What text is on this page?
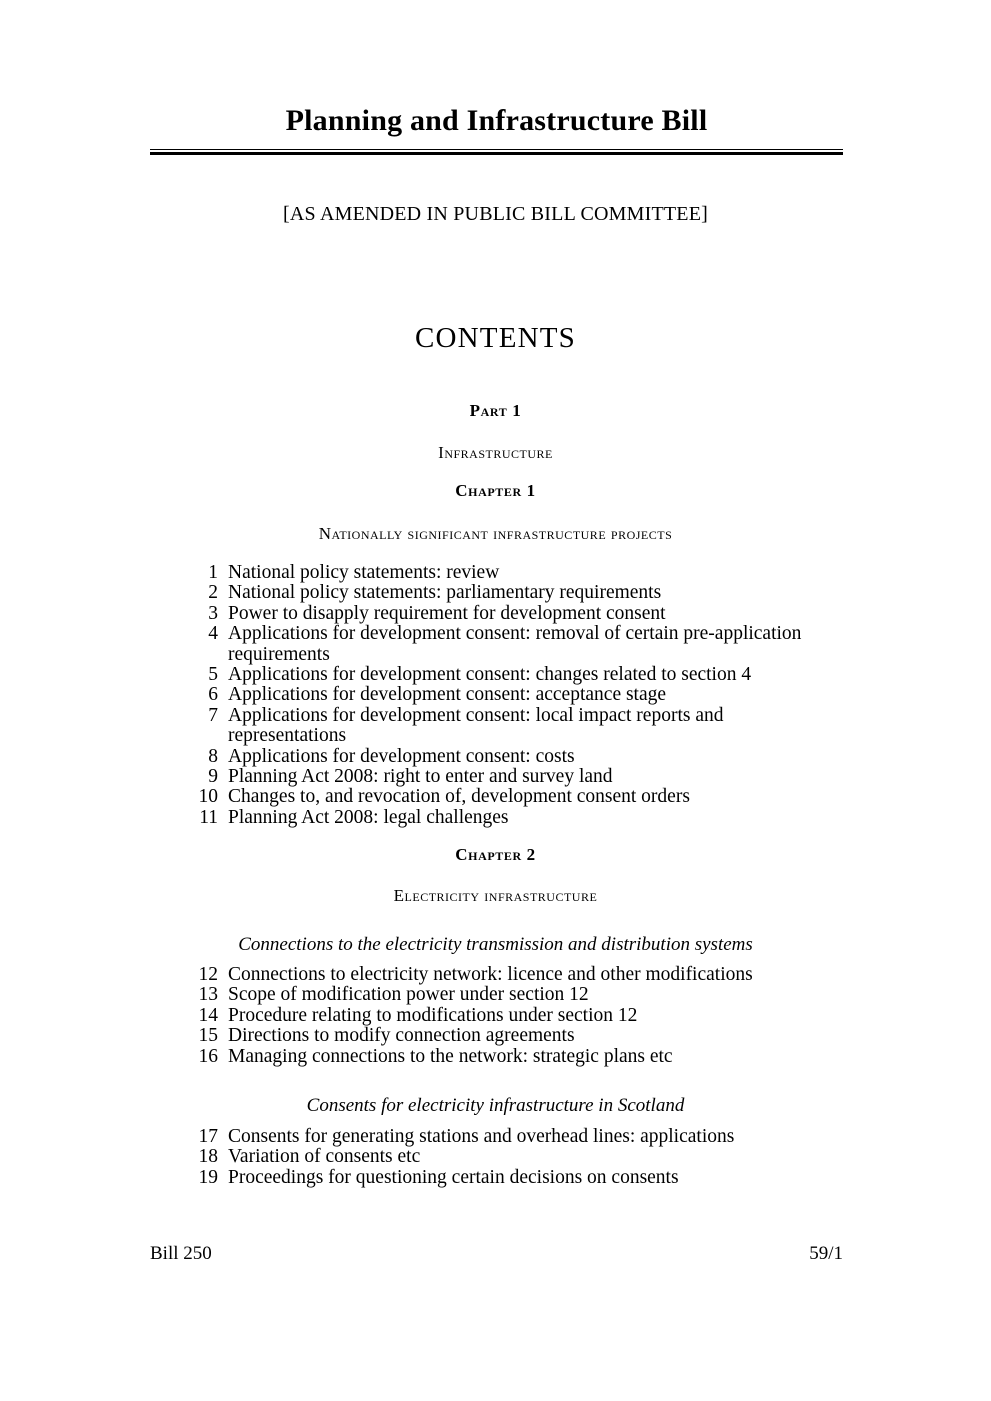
Planning and Infrastructure Bill
[AS AMENDED IN PUBLIC BILL COMMITTEE]
CONTENTS
Part 1
Infrastructure
Chapter 1
Nationally significant infrastructure projects
1 National policy statements: review
2 National policy statements: parliamentary requirements
3 Power to disapply requirement for development consent
4 Applications for development consent: removal of certain pre-application requirements
5 Applications for development consent: changes related to section 4
6 Applications for development consent: acceptance stage
7 Applications for development consent: local impact reports and representations
8 Applications for development consent: costs
9 Planning Act 2008: right to enter and survey land
10 Changes to, and revocation of, development consent orders
11 Planning Act 2008: legal challenges
Chapter 2
Electricity infrastructure
Connections to the electricity transmission and distribution systems
12 Connections to electricity network: licence and other modifications
13 Scope of modification power under section 12
14 Procedure relating to modifications under section 12
15 Directions to modify connection agreements
16 Managing connections to the network: strategic plans etc
Consents for electricity infrastructure in Scotland
17 Consents for generating stations and overhead lines: applications
18 Variation of consents etc
19 Proceedings for questioning certain decisions on consents
Bill 250	59/1
